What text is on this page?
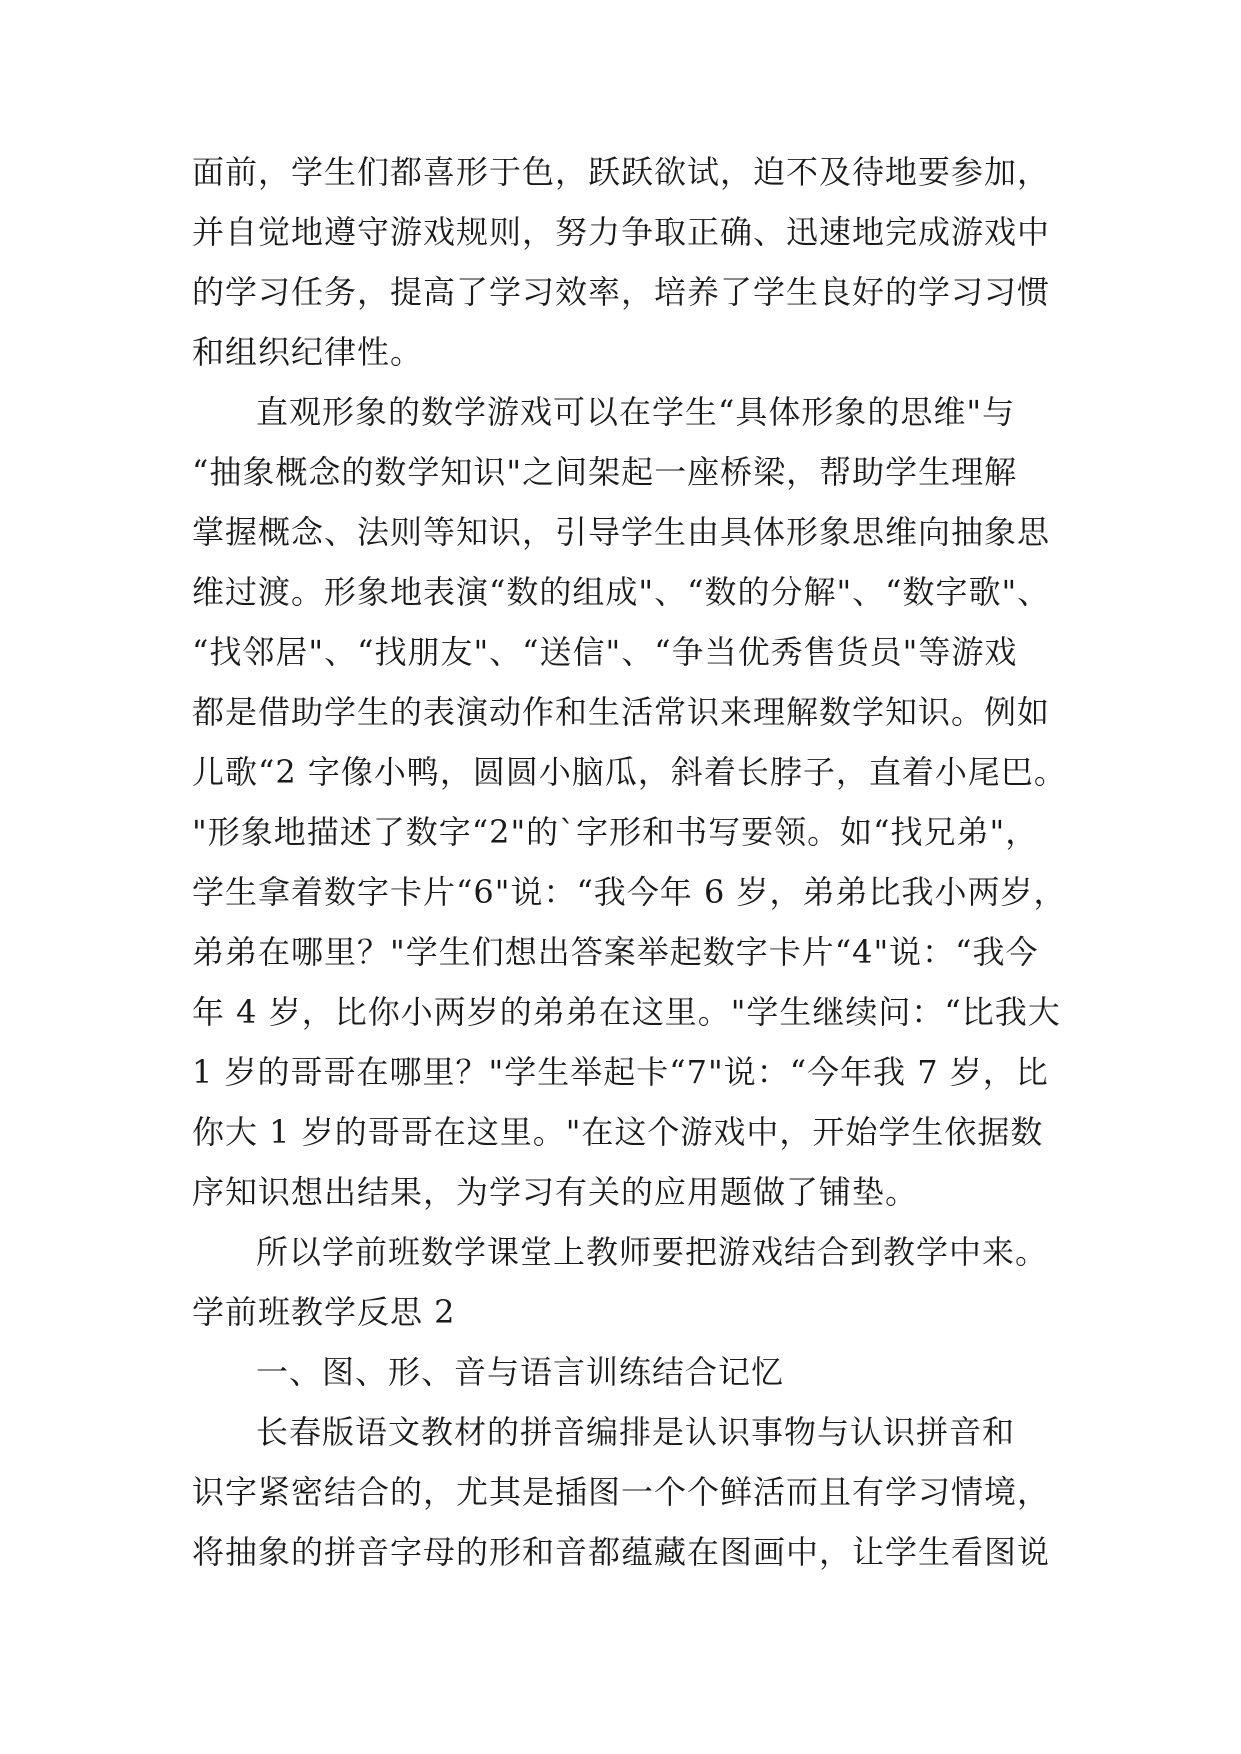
面前，学生们都喜形于色，跃跃欲试，迫不及待地要参加，
并自觉地遵守游戏规则，努力争取正确、迅速地完成游戏中
的学习任务，提高了学习效率，培养了学生良好的学习习惯
和组织纪律性。
直观形象的数学游戏可以在学生“具体形象的思维"与
“抽象概念的数学知识"之间架起一座桥梁，帮助学生理解
掌握概念、法则等知识，引导学生由具体形象思维向抽象思
维过渡。形象地表演“数的组成"、“数的分解"、“数字歌"、
“找邻居"、“找朋友"、“送信"、“争当优秀售货员"等游戏
都是借助学生的表演动作和生活常识来理解数学知识。例如
儿歌“2 字像小鸭，圆圆小脑瓜，斜着长脖子，直着小尾巴。
"形象地描述了数字“2"的`字形和书写要领。如“找兄弟"，
学生拿着数字卡片“6"说：“我今年 6 岁，弟弟比我小两岁，
弟弟在哪里？"学生们想出答案举起数字卡片“4"说：“我今
年 4 岁，比你小两岁的弟弟在这里。"学生继续问：“比我大
1 岁的哥哥在哪里？"学生举起卡“7"说：“今年我 7 岁，比
你大 1 岁的哥哥在这里。"在这个游戏中，开始学生依据数
序知识想出结果，为学习有关的应用题做了铺垫。
所以学前班数学课堂上教师要把游戏结合到教学中来。
学前班教学反思 2
一、图、形、音与语言训练结合记忆
长春版语文教材的拼音编排是认识事物与认识拼音和
识字紧密结合的，尤其是插图一个个鲜活而且有学习情境，
将抽象的拼音字母的形和音都蕴藏在图画中，让学生看图说
